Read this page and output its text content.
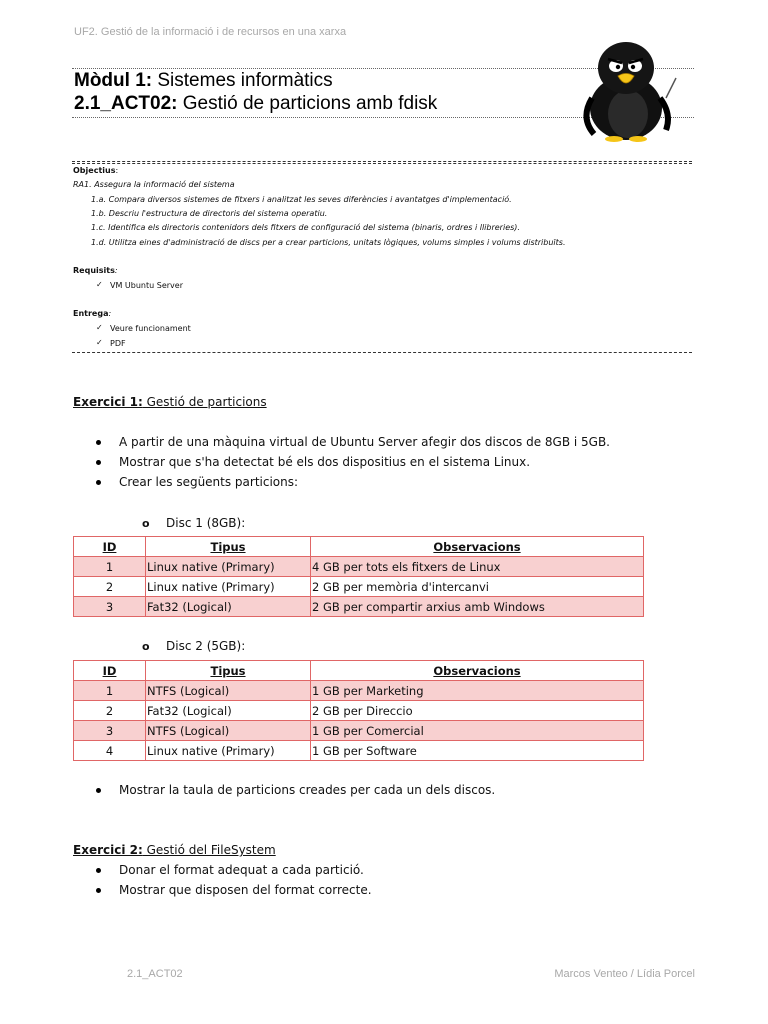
UF2. Gestió de la informació i de recursos en una xarxa
Mòdul 1: Sistemes informàtics
2.1_ACT02: Gestió de particions amb fdisk
Objectius:
RA1. Assegura la informació del sistema
1.a. Compara diversos sistemes de fitxers i analitzat les seves diferències i avantatges d'implementació.
1.b. Descriu l'estructura de directoris del sistema operatiu.
1.c. Identifica els directoris contenidors dels fitxers de configuració del sistema (binaris, ordres i llibreries).
1.d. Utilitza eines d'administració de discs per a crear particions, unitats lògiques, volums simples i volums distribuïts.
Requisits:
✓ VM Ubuntu Server
Entrega:
✓ Veure funcionament
✓ PDF
Exercici 1: Gestió de particions
A partir de una màquina virtual de Ubuntu Server afegir dos discos de 8GB i 5GB.
Mostrar que s'ha detectat bé els dos dispositius en el sistema Linux.
Crear les següents particions:
o Disc 1 (8GB):
ID	Tipus	Observacions
1	Linux native (Primary)	4 GB per tots els fitxers de Linux
2	Linux native (Primary)	2 GB per memòria d'intercanvi
3	Fat32 (Logical)	2 GB per compartir arxius amb Windows
o Disc 2 (5GB):
ID	Tipus	Observacions
1	NTFS (Logical)	1 GB per Marketing
2	Fat32 (Logical)	2 GB per Direccio
3	NTFS (Logical)	1 GB per Comercial
4	Linux native (Primary)	1 GB per Software
Mostrar la taula de particions creades per cada un dels discos.
Exercici 2: Gestió del FileSystem
Donar el format adequat a cada partició.
Mostrar que disposen del format correcte.
2.1_ACT02	Marcos Venteo / Lídia Porcel
